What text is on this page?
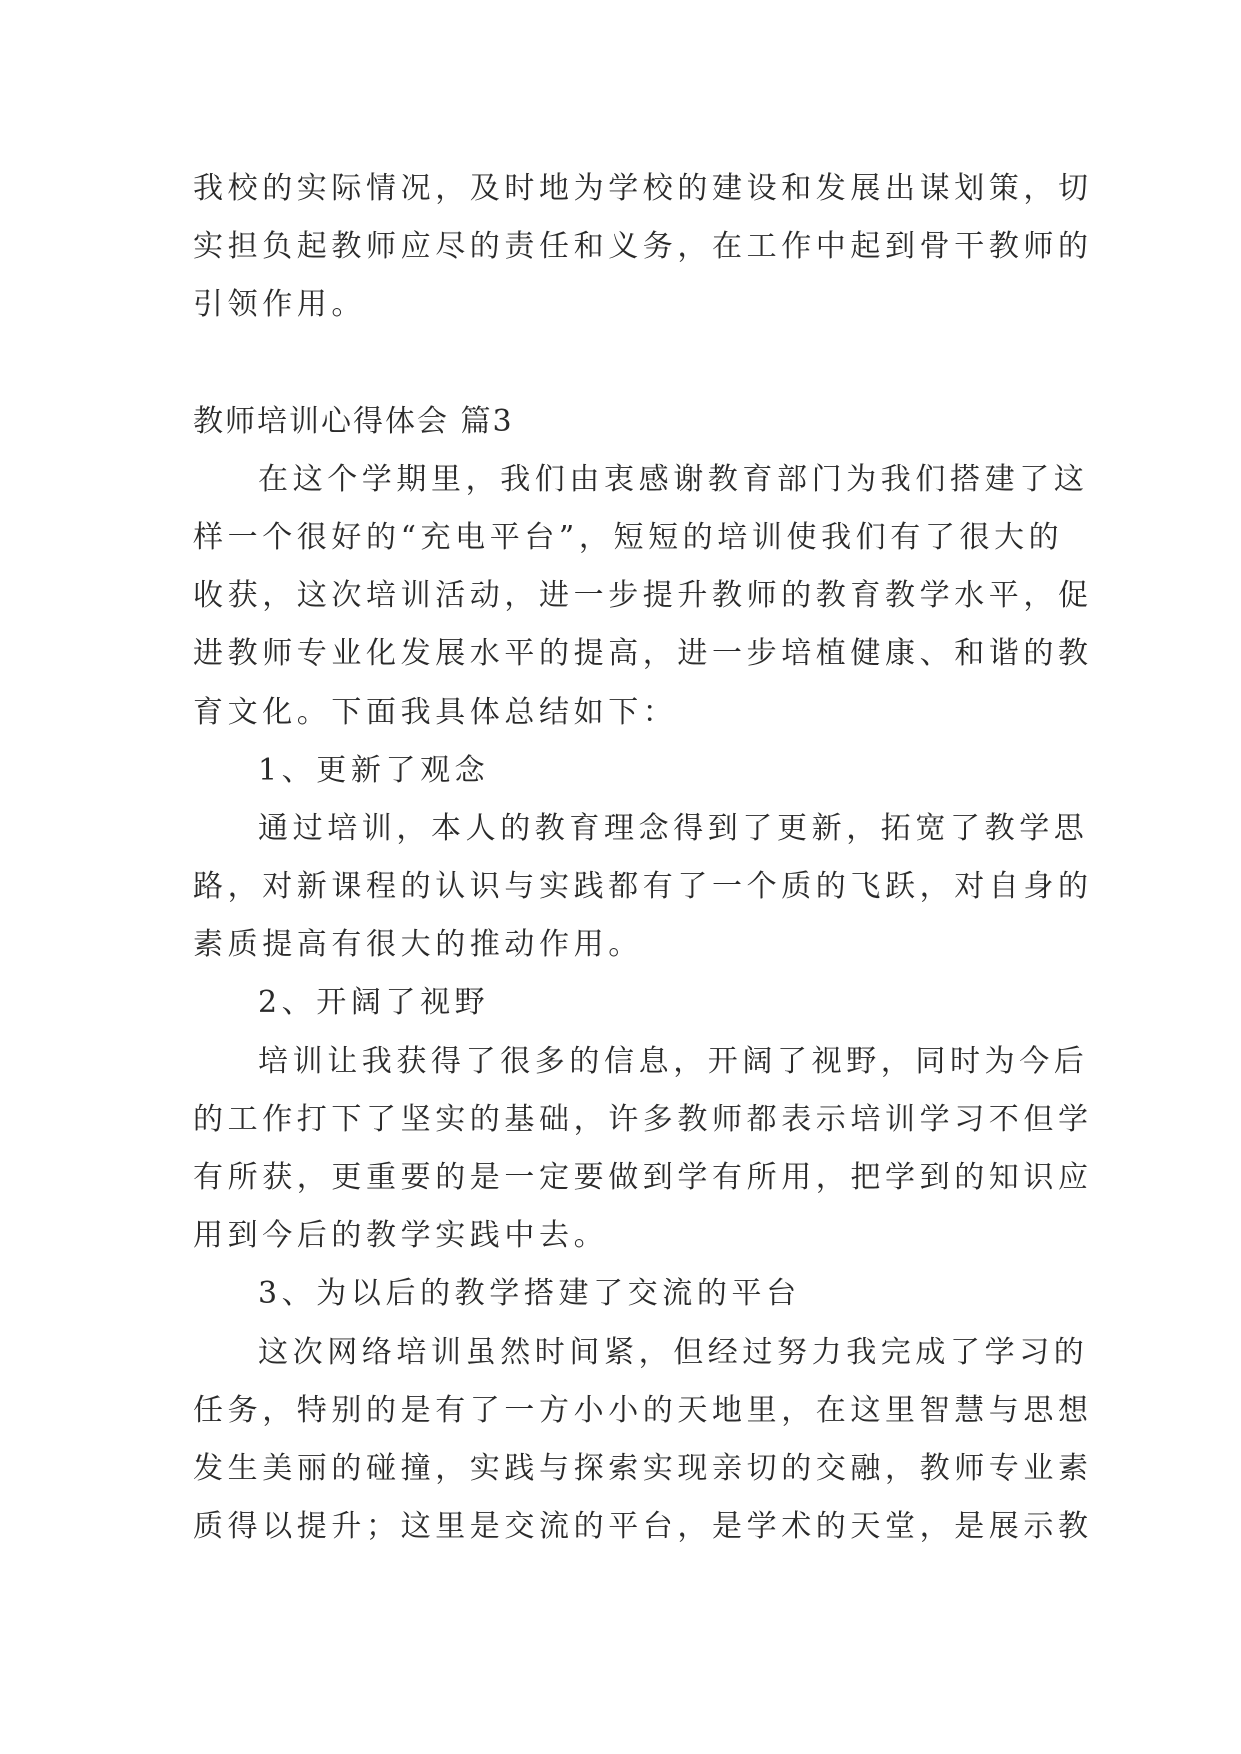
我校的实际情况，及时地为学校的建设和发展出谋划策，切

实担负起教师应尽的责任和义务，在工作中起到骨干教师的

引领作用。

教师培训心得体会 篇3

在这个学期里，我们由衷感谢教育部门为我们搭建了这

样一个很好的“充电平台”，短短的培训使我们有了很大的

收获，这次培训活动，进一步提升教师的教育教学水平，促

进教师专业化发展水平的提高，进一步培植健康、和谐的教

育文化。下面我具体总结如下：

1、更新了观念

通过培训，本人的教育理念得到了更新，拓宽了教学思

路，对新课程的认识与实践都有了一个质的飞跃，对自身的

素质提高有很大的推动作用。

2、开阔了视野

培训让我获得了很多的信息，开阔了视野，同时为今后

的工作打下了坚实的基础，许多教师都表示培训学习不但学

有所获，更重要的是一定要做到学有所用，把学到的知识应

用到今后的教学实践中去。

3、为以后的教学搭建了交流的平台

这次网络培训虽然时间紧，但经过努力我完成了学习的

任务，特别的是有了一方小小的天地里，在这里智慧与思想

发生美丽的碰撞，实践与探索实现亲切的交融，教师专业素

质得以提升；这里是交流的平台，是学术的天堂，是展示教
